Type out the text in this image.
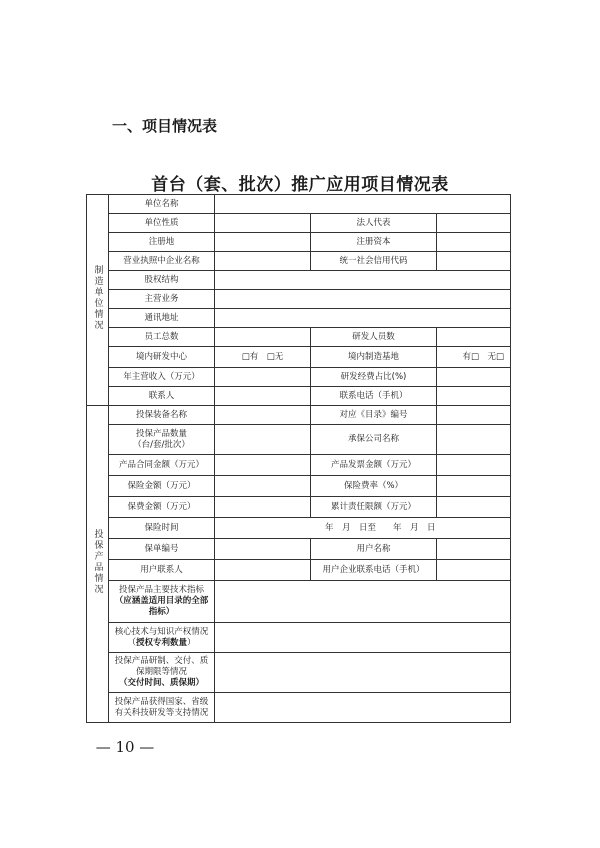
一、项目情况表
首台（套、批次）推广应用项目情况表
制造单位情况	单位名称			
	单位性质		法人代表	
	注册地		注册资本	
	营业执照中企业名称		统一社会信用代码	
	股权结构			
	主营业务			
	通讯地址			
	员工总数		研发人员数	
	境内研发中心	□有　□无	境内制造基地	有□　无□
	年主营收入（万元）		研发经费占比(%)	
	联系人		联系电话（手机）	
投保产品情况	投保装备名称		对应《目录》编号	

	投保产品数量
（台/套/批次）		承保公司名称	
	产品合同金额（万元）		产品发票金额（万元）	
	保险金额（万元）		保险费率（%）	
	保费金额（万元）		累计责任限额（万元）	
	保险时间	年　月　日至　　年　月　日		
	保单编号		用户名称	
	用户联系人		用户企业联系电话（手机）	

	投保产品主要技术指标
（应涵盖适用目录的全部指标）			

	核心技术与知识产权情况（授权专利数量）			

	投保产品研制、交付、质保期限等情况
（交付时间、质保期）			

	投保产品获得国家、省级有关科技研发等支持情况			
— 10 —
